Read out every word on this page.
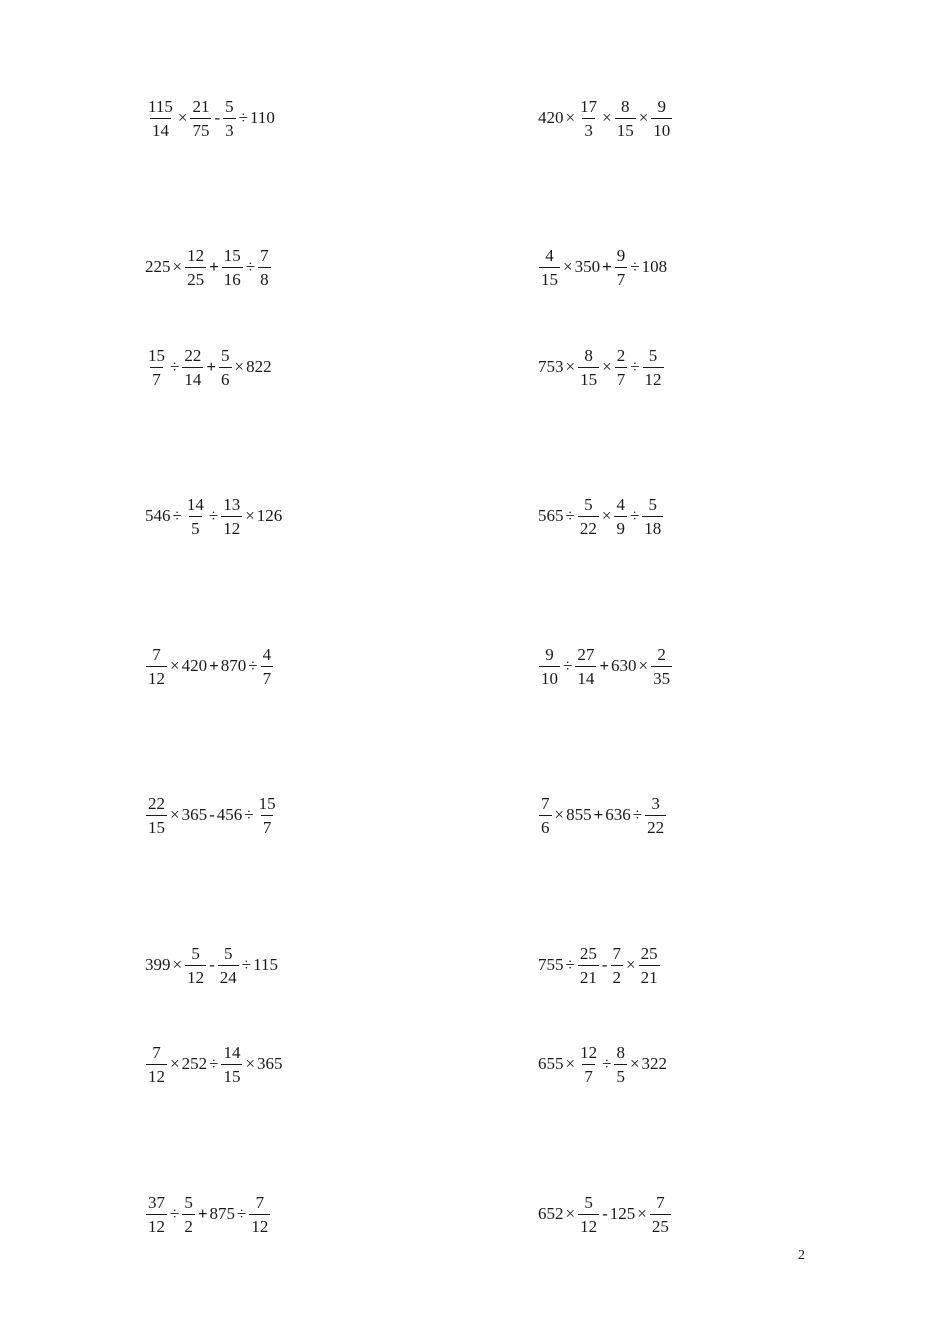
$\frac{115}{14} \times \frac{21}{75} - \frac{5}{3} \div 110$	$420 \times \frac{17}{3} \times \frac{8}{15} \times \frac{9}{10}$
$225 \times \frac{12}{25} + \frac{15}{16} \div \frac{7}{8}$	$\frac{4}{15} \times 350 + \frac{9}{7} \div 108$
$\frac{15}{7} \div \frac{22}{14} + \frac{5}{6} \times 822$	$753 \times \frac{8}{15} \times \frac{2}{7} \div \frac{5}{12}$
$546 \div \frac{14}{5} \div \frac{13}{12} \times 126$	$565 \div \frac{5}{22} \times \frac{4}{9} \div \frac{5}{18}$
$\frac{7}{12} \times 420 + 870 \div \frac{4}{7}$	$\frac{9}{10} \div \frac{27}{14} + 630 \times \frac{2}{35}$
$\frac{22}{15} \times 365 - 456 \div \frac{15}{7}$	$\frac{7}{6} \times 855 + 636 \div \frac{3}{22}$
$399 \times \frac{5}{12} - \frac{5}{24} \div 115$	$755 \div \frac{25}{21} - \frac{7}{2} \times \frac{25}{21}$
$\frac{7}{12} \times 252 \div \frac{14}{15} \times 365$	$655 \times \frac{12}{7} \div \frac{8}{5} \times 322$
$\frac{37}{12} \div \frac{5}{2} + 875 \div \frac{7}{12}$	$652 \times \frac{5}{12} - 125 \times \frac{7}{25}$
2
